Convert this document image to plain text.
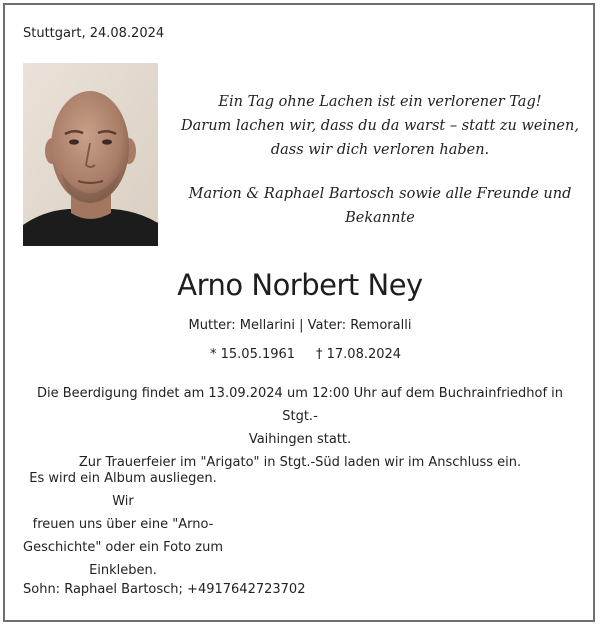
Stuttgart, 24.08.2024

Ein Tag ohne Lachen ist ein verlorener Tag!

Darum lachen wir, dass du da warst – statt zu weinen,

dass wir dich verloren haben.

Marion & Raphael Bartosch sowie alle Freunde und

Bekannte

Arno Norbert Ney
Mutter: Mellarini | Vater: Remoralli
* 15.05.1961 † 17.08.2024

Die Beerdigung findet am 13.09.2024 um 12:00 Uhr auf dem Buchrainfriedhof in Stgt.-

Vaihingen statt.

Zur Trauerfeier im "Arigato" in Stgt.-Süd laden wir im Anschluss ein.

Es wird ein Album ausliegen. Wir

freuen uns über eine "Arno-

Geschichte" oder ein Foto zum

Einkleben.

Sohn: Raphael Bartosch; +4917642723702
